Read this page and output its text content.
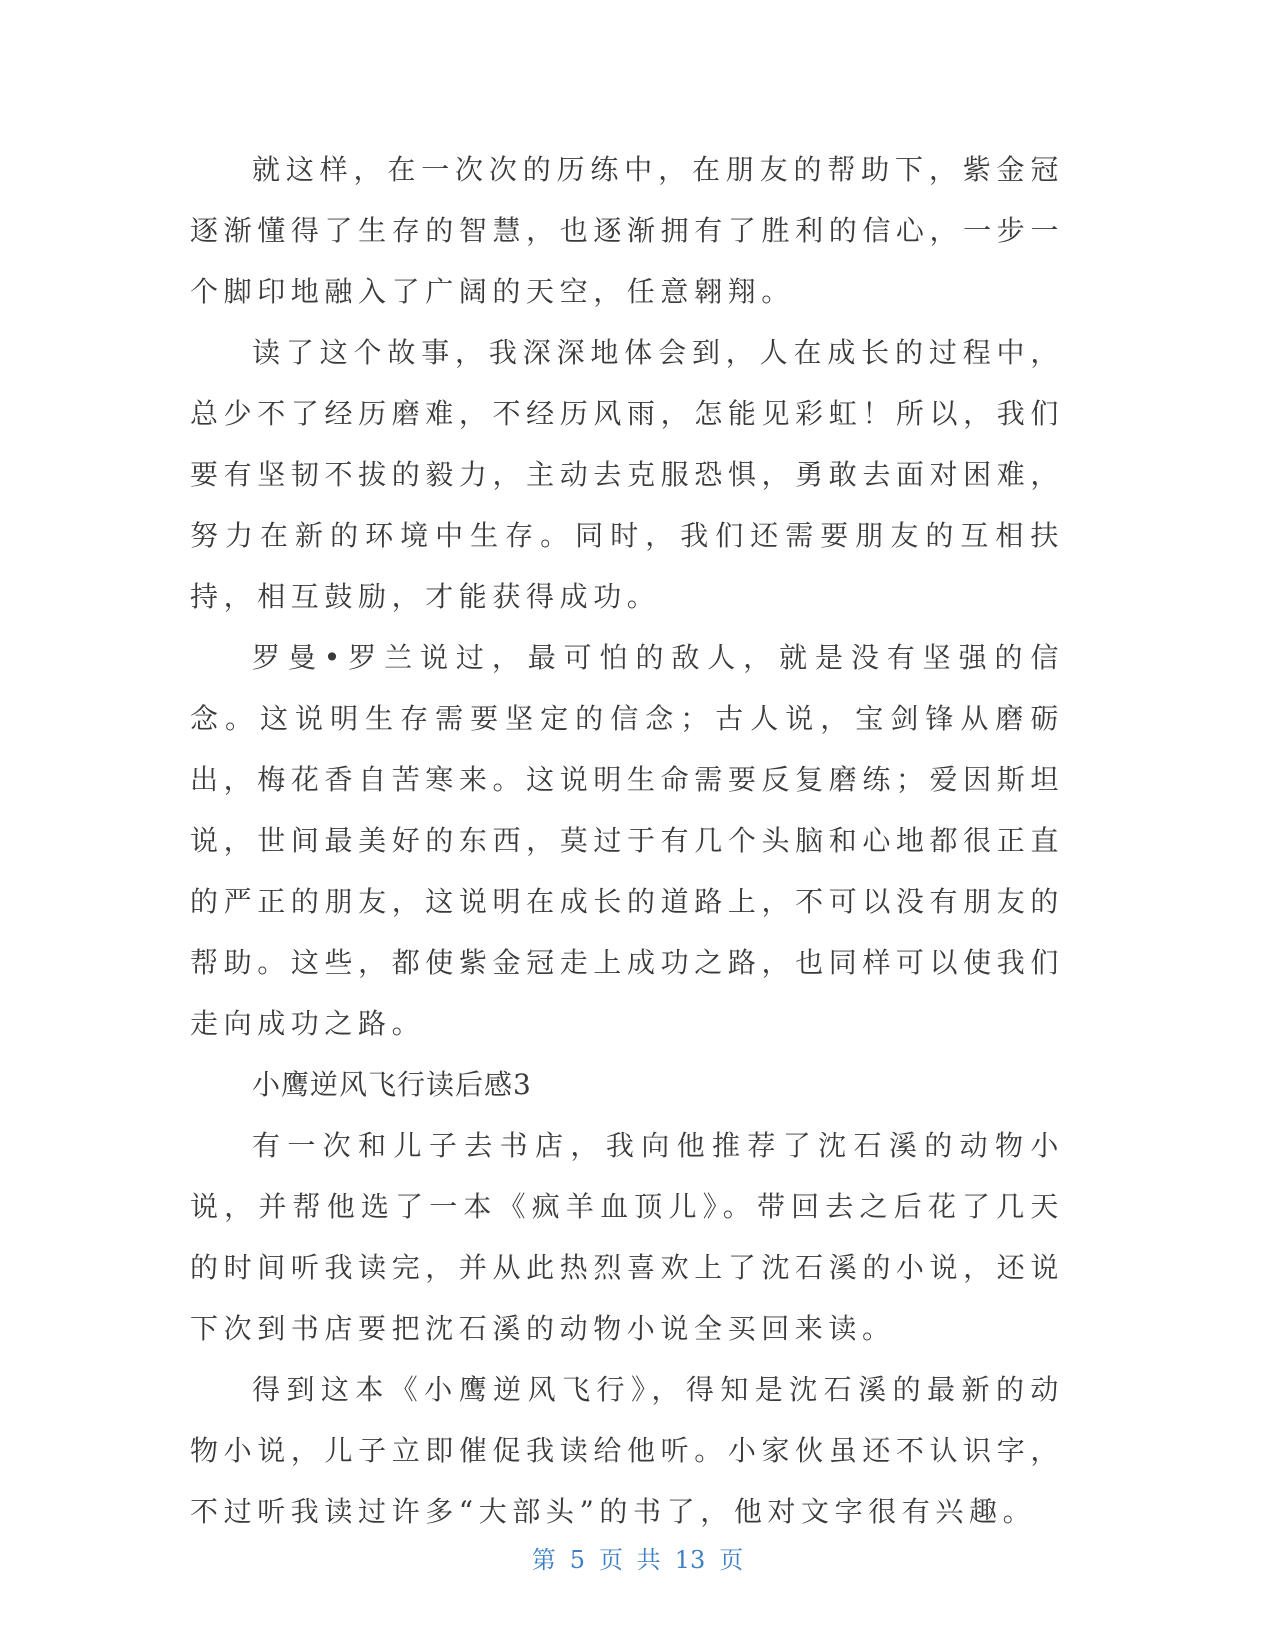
就这样，在一次次的历练中，在朋友的帮助下，紫金冠逐渐懂得了生存的智慧，也逐渐拥有了胜利的信心，一步一个脚印地融入了广阔的天空，任意翱翔。

读了这个故事，我深深地体会到，人在成长的过程中，总少不了经历磨难，不经历风雨，怎能见彩虹！所以，我们要有坚韧不拔的毅力，主动去克服恐惧，勇敢去面对困难，努力在新的环境中生存。同时，我们还需要朋友的互相扶持，相互鼓励，才能获得成功。

罗曼•罗兰说过，最可怕的敌人，就是没有坚强的信念。这说明生存需要坚定的信念；古人说，宝剑锋从磨砺出，梅花香自苦寒来。这说明生命需要反复磨练；爱因斯坦说，世间最美好的东西，莫过于有几个头脑和心地都很正直的严正的朋友，这说明在成长的道路上，不可以没有朋友的帮助。这些，都使紫金冠走上成功之路，也同样可以使我们走向成功之路。

小鹰逆风飞行读后感3

有一次和儿子去书店，我向他推荐了沈石溪的动物小说，并帮他选了一本《疯羊血顶儿》。带回去之后花了几天的时间听我读完，并从此热烈喜欢上了沈石溪的小说，还说下次到书店要把沈石溪的动物小说全买回来读。

得到这本《小鹰逆风飞行》，得知是沈石溪的最新的动物小说，儿子立即催促我读给他听。小家伙虽还不认识字，不过听我读过许多“大部头”的书了，他对文字很有兴趣。

第 5 页 共 13 页
